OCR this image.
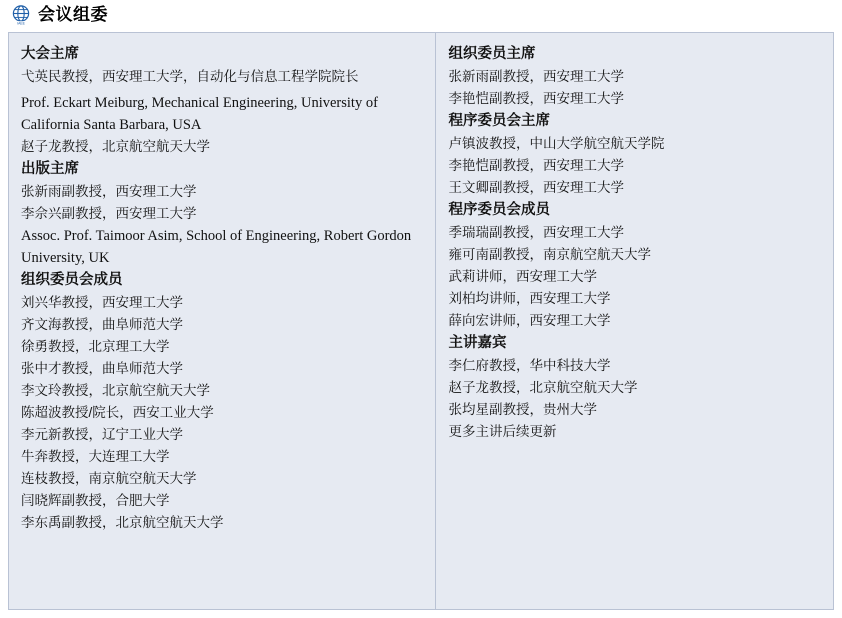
IAEE 会议组委
大会主席
弋英民教授，西安理工大学，自动化与信息工程学院院长
Prof. Eckart Meiburg, Mechanical Engineering, University of California Santa Barbara, USA
赵子龙教授，北京航空航天大学
出版主席
张新雨副教授，西安理工大学
李佘兴副教授，西安理工大学
Assoc. Prof. Taimoor Asim, School of Engineering, Robert Gordon University, UK
组织委员会成员
刘兴华教授，西安理工大学
齐文海教授，曲阜师范大学
徐勇教授，北京理工大学
张中才教授，曲阜师范大学
李文玲教授，北京航空航天大学
陈超波教授/院长，西安工业大学
李元新教授，辽宁工业大学
牛奔教授，大连理工大学
连枝教授，南京航空航天大学
闫晓辉副教授，合肥大学
李东禹副教授，北京航空航天大学
组织委员主席
张新雨副教授，西安理工大学
李艳恺副教授，西安理工大学
程序委员会主席
卢镇波教授，中山大学航空航天学院
李艳恺副教授，西安理工大学
王文卿副教授，西安理工大学
程序委员会成员
季瑞瑞副教授，西安理工大学
雍可南副教授，南京航空航天大学
武莉讲师，西安理工大学
刘柏均讲师，西安理工大学
薛向宏讲师，西安理工大学
主讲嘉宾
李仁府教授，华中科技大学
赵子龙教授，北京航空航天大学
张均星副教授，贵州大学
更多主讲后续更新
